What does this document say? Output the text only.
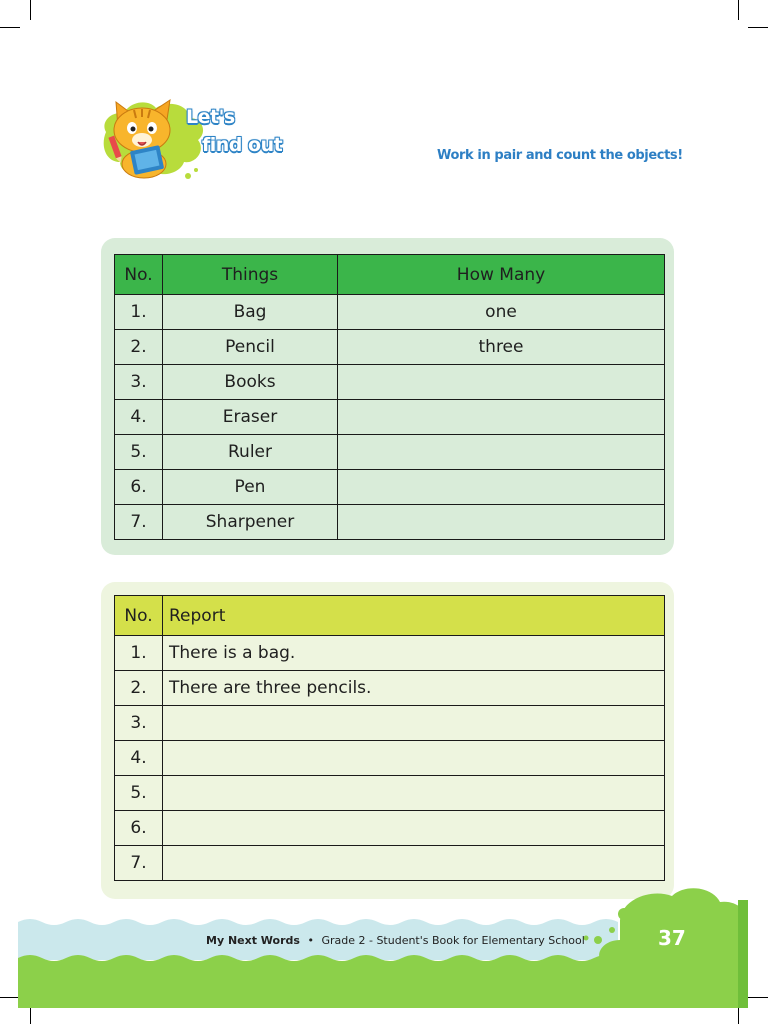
Let's
find out	Work in pair and count the objects!
No.	Things	How Many
1.	Bag	one
2.	Pencil	three
3.	Books	
4.	Eraser	
5.	Ruler	
6.	Pen	
7.	Sharpener	
No.	Report
1.	There is a bag.
2.	There are three pencils.
3.	
4.	
5.	
6.	
7.	
My Next Words • Grade 2 - Student's Book for Elementary School	37
